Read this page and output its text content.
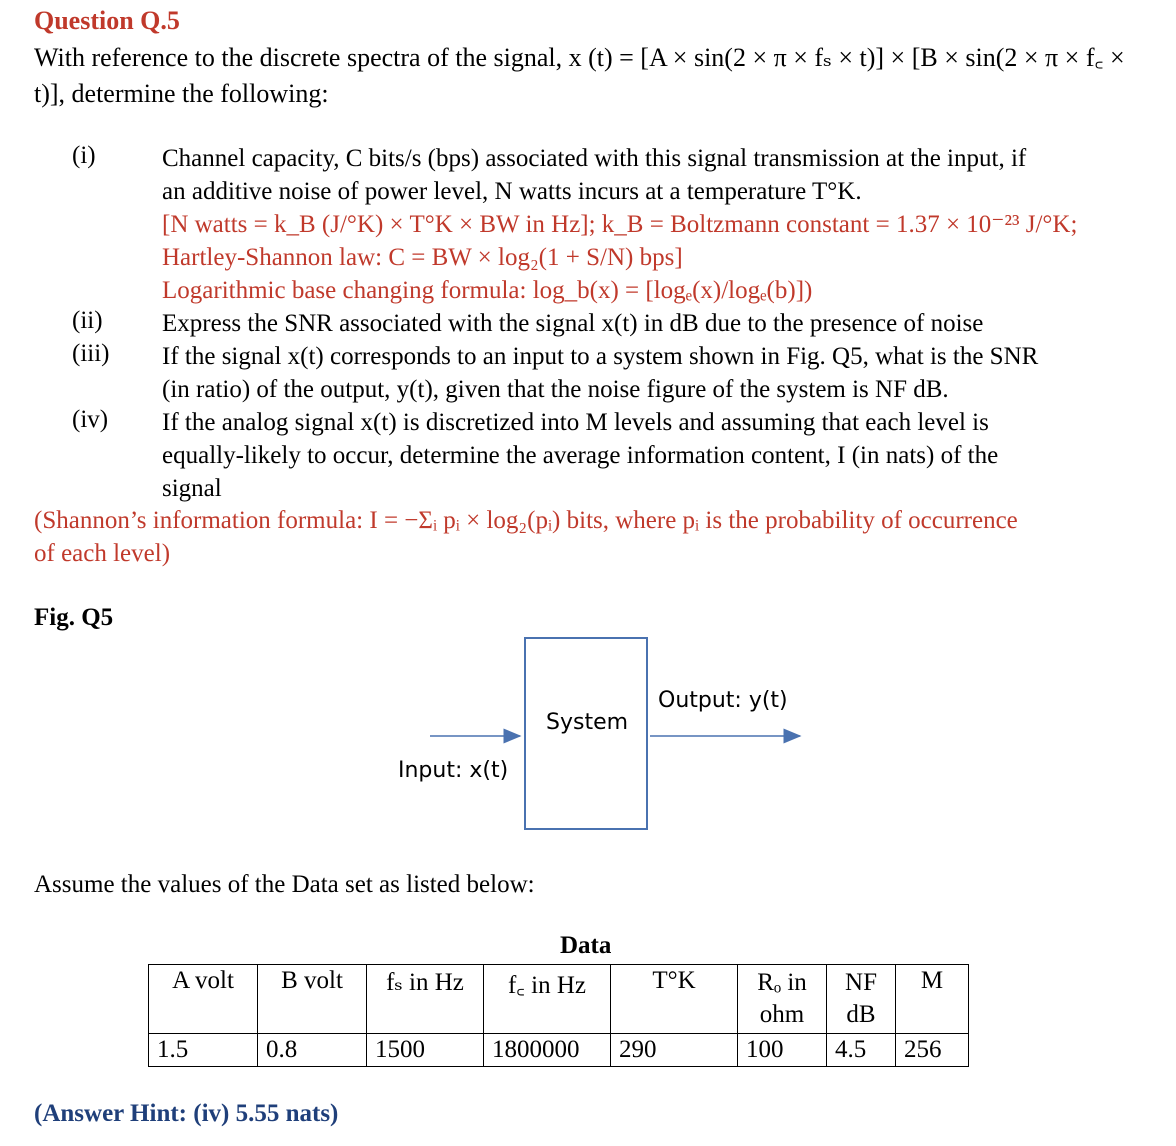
Question Q.5
With reference to the discrete spectra of the signal, x (t) = [A × sin(2 × π × fₛ × t)] × [B × sin(2 × π × f꜀ × t)], determine the following:
(i)	Channel capacity, C bits/s (bps) associated with this signal transmission at the input, if
an additive noise of power level, N watts incurs at a temperature T°K.
[N watts = k_B (J/°K) × T°K × BW in Hz]; k_B = Boltzmann constant = 1.37 × 10⁻²³ J/°K;
Hartley-Shannon law: C = BW × log₂(1 + S/N) bps]
Logarithmic base changing formula: log_b(x) = [logₑ(x)/logₑ(b)])
(ii) Express the SNR associated with the signal x(t) in dB due to the presence of noise
(iii) If the signal x(t) corresponds to an input to a system shown in Fig. Q5, what is the SNR
(in ratio) of the output, y(t), given that the noise figure of the system is NF dB.
(iv) If the analog signal x(t) is discretized into M levels and assuming that each level is
equally-likely to occur, determine the average information content, I (in nats) of the
signal
(Shannon’s information formula: I = −Σᵢ pᵢ × log₂(pᵢ) bits, where pᵢ is the probability of occurrence
of each level)
Fig. Q5
System
Input: x(t)
Output: y(t)
Assume the values of the Data set as listed below:
Data
A volt	B volt	fₛ in Hz	f꜀ in Hz	T°K	Rₒ in ohm	NF dB	M
1.5	0.8	1500	1800000	290	100	4.5	256
(Answer Hint: (iv) 5.55 nats)
